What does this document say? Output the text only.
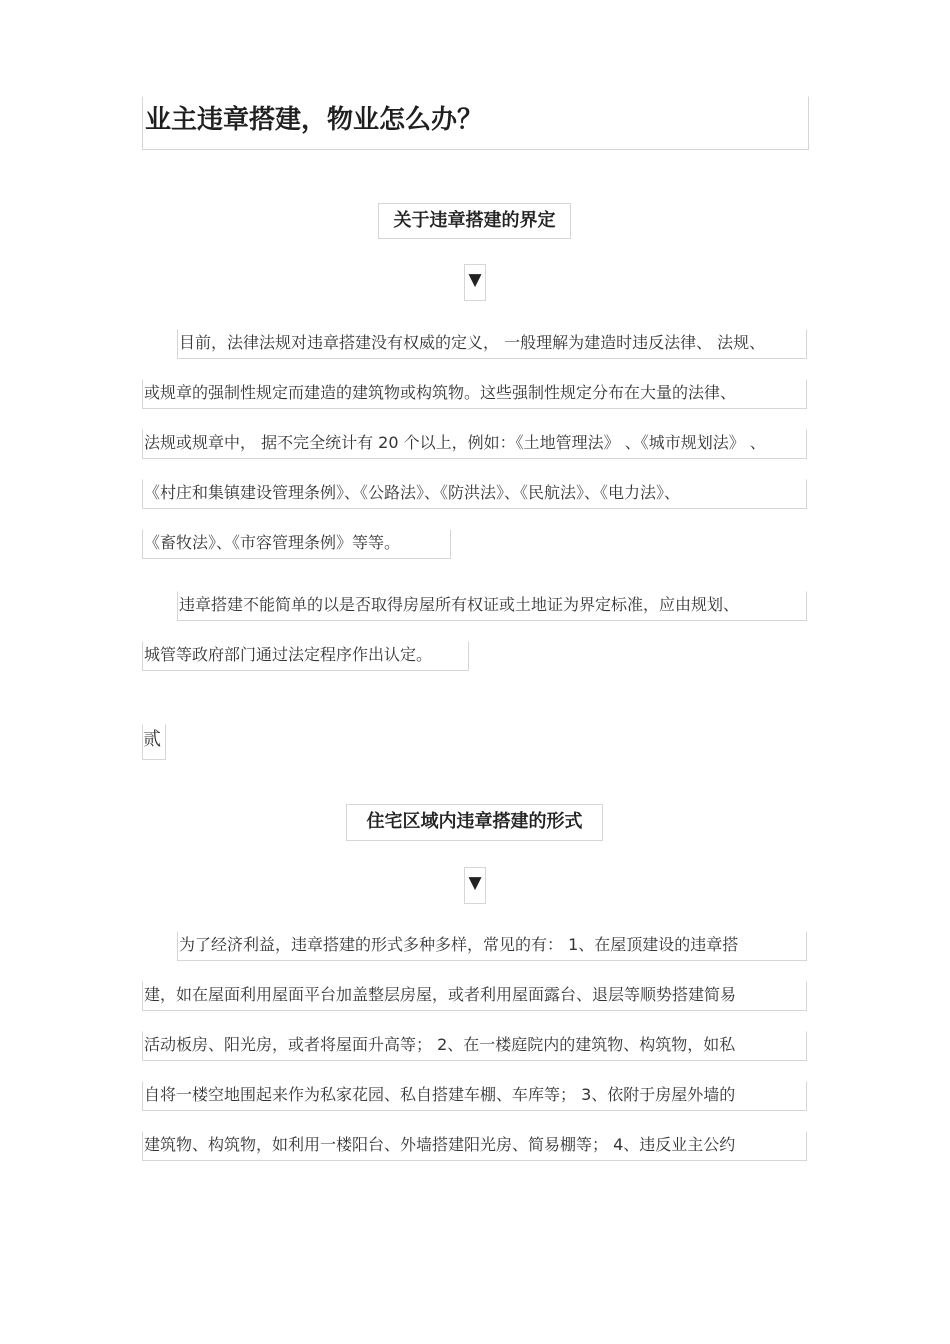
业主违章搭建，物业怎么办？
关于违章搭建的界定
▼
目前，法律法规对违章搭建没有权威的定义， 一般理解为建造时违反法律、 法规、
或规章的强制性规定而建造的建筑物或构筑物。这些强制性规定分布在大量的法律、
法规或规章中， 据不完全统计有 20 个以上，例如：《土地管理法》 、《城市规划法》 、
《村庄和集镇建设管理条例》、《公路法》、《防洪法》、《民航法》、《电力法》、
《畜牧法》、《市容管理条例》等等。
违章搭建不能简单的以是否取得房屋所有权证或土地证为界定标准，应由规划、
城管等政府部门通过法定程序作出认定。
贰
住宅区域内违章搭建的形式
▼
为了经济利益，违章搭建的形式多种多样，常见的有： 1、在屋顶建设的违章搭
建，如在屋面利用屋面平台加盖整层房屋，或者利用屋面露台、退层等顺势搭建简易
活动板房、阳光房，或者将屋面升高等； 2、在一楼庭院内的建筑物、构筑物，如私
自将一楼空地围起来作为私家花园、私自搭建车棚、车库等； 3、依附于房屋外墙的
建筑物、构筑物，如利用一楼阳台、外墙搭建阳光房、简易棚等； 4、违反业主公约
